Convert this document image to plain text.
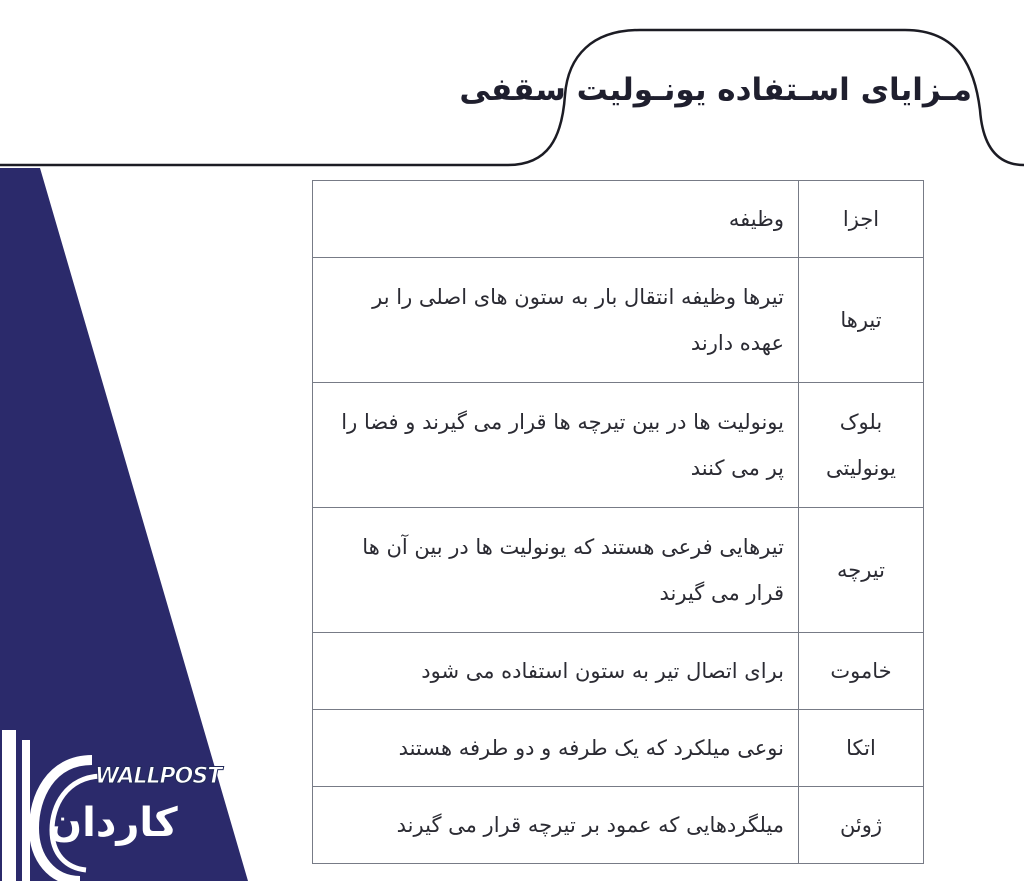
مـزایای اسـتفاده یونـولیت سقفی
اجزا	وظیفه
تیرها	تیرها وظیفه انتقال بار به ستون های اصلی را بر عهده دارند
بلوک یونولیتی	یونولیت ها در بین تیرچه ها قرار می گیرند و فضا را پر می کنند
تیرچه	تیرهایی فرعی هستند که یونولیت ها در بین آن ها قرار می گیرند
خاموت	برای اتصال تیر به ستون استفاده می شود
اتکا	نوعی میلکرد که یک طرفه و دو طرفه هستند
ژوئن	میلگردهایی که عمود بر تیرچه قرار می گیرند
WALLPOST
کاردان
